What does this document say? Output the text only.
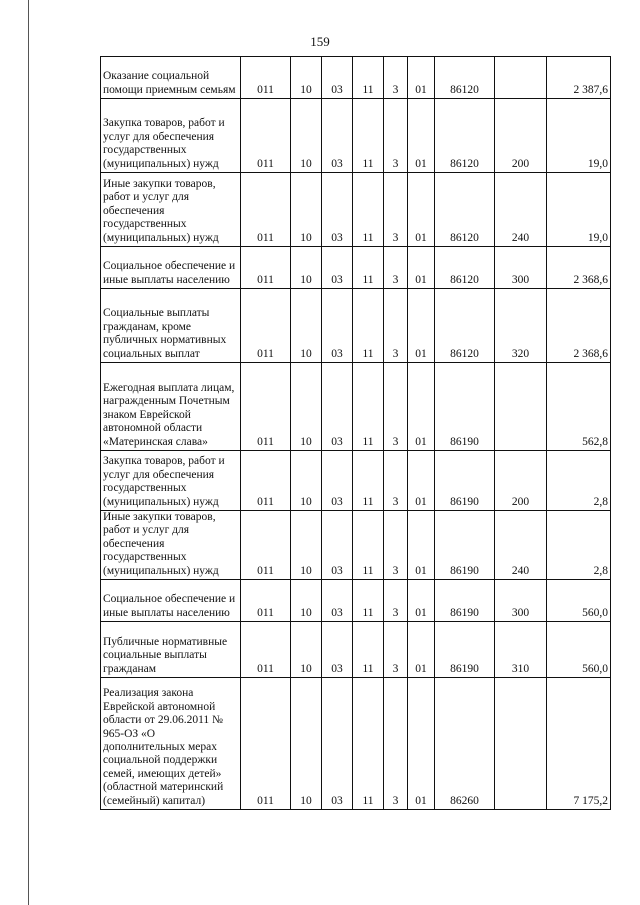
159
Оказание социальной помощи приемным семьям	011	10	03	11	3	01	86120		2 387,6
Закупка товаров, работ и услуг для обеспечения государственных (муниципальных) нужд	011	10	03	11	3	01	86120	200	19,0
Иные закупки товаров, работ и услуг для обеспечения государственных (муниципальных) нужд	011	10	03	11	3	01	86120	240	19,0
Социальное обеспечение и иные выплаты населению	011	10	03	11	3	01	86120	300	2 368,6
Социальные выплаты гражданам, кроме публичных нормативных социальных выплат	011	10	03	11	3	01	86120	320	2 368,6
Ежегодная выплата лицам, награжденным Почетным знаком Еврейской автономной области «Материнская слава»	011	10	03	11	3	01	86190		562,8
Закупка товаров, работ и услуг для обеспечения государственных (муниципальных) нужд	011	10	03	11	3	01	86190	200	2,8
Иные закупки товаров, работ и услуг для обеспечения государственных (муниципальных) нужд	011	10	03	11	3	01	86190	240	2,8
Социальное обеспечение и иные выплаты населению	011	10	03	11	3	01	86190	300	560,0
Публичные нормативные социальные выплаты гражданам	011	10	03	11	3	01	86190	310	560,0
Реализация закона Еврейской автономной области от 29.06.2011 № 965-ОЗ «О дополнительных мерах социальной поддержки семей, имеющих детей» (областной материнский (семейный) капитал)	011	10	03	11	3	01	86260		7 175,2
